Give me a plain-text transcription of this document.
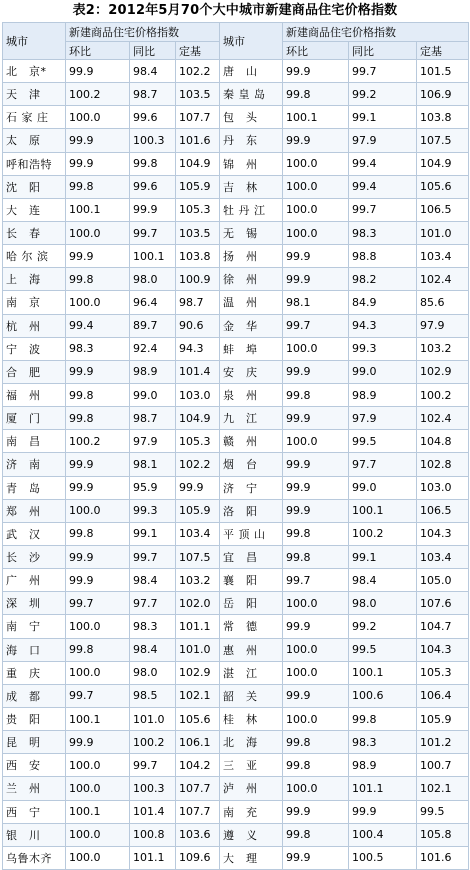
表2：2012年5月70个大中城市新建商品住宅价格指数
城市	新建商品住宅价格指数			城市	新建商品住宅价格指数		
	环比	同比	定基		环比	同比	定基
北　京*	99.9	98.4	102.2	唐　山	99.9	99.7	101.5
天　津	100.2	98.7	103.5	秦 皇 岛	99.8	99.2	106.9
石 家 庄	100.0	99.6	107.7	包　头	100.1	99.1	103.8
太　原	99.9	100.3	101.6	丹　东	99.9	97.9	107.5
呼和浩特	99.9	99.8	104.9	锦　州	100.0	99.4	104.9
沈　阳	99.8	99.6	105.9	吉　林	100.0	99.4	105.6
大　连	100.1	99.9	105.3	牡 丹 江	100.0	99.7	106.5
长　春	100.0	99.7	103.5	无　锡	100.0	98.3	101.0
哈 尔 滨	99.9	100.1	103.8	扬　州	99.9	98.8	103.4
上　海	99.8	98.0	100.9	徐　州	99.9	98.2	102.4
南　京	100.0	96.4	98.7	温　州	98.1	84.9	85.6
杭　州	99.4	89.7	90.6	金　华	99.7	94.3	97.9
宁　波	98.3	92.4	94.3	蚌　埠	100.0	99.3	103.2
合　肥	99.9	98.9	101.4	安　庆	99.9	99.0	102.9
福　州	99.8	99.0	103.0	泉　州	99.8	98.9	100.2
厦　门	99.8	98.7	104.9	九　江	99.9	97.9	102.4
南　昌	100.2	97.9	105.3	赣　州	100.0	99.5	104.8
济　南	99.9	98.1	102.2	烟　台	99.9	97.7	102.8
青　岛	99.9	95.9	99.9	济　宁	99.9	99.0	103.0
郑　州	100.0	99.3	105.9	洛　阳	99.9	100.1	106.5
武　汉	99.8	99.1	103.4	平 顶 山	99.8	100.2	104.3
长　沙	99.9	99.7	107.5	宜　昌	99.8	99.1	103.4
广　州	99.9	98.4	103.2	襄　阳	99.7	98.4	105.0
深　圳	99.7	97.7	102.0	岳　阳	100.0	98.0	107.6
南　宁	100.0	98.3	101.1	常　德	99.9	99.2	104.7
海　口	99.8	98.4	101.0	惠　州	100.0	99.5	104.3
重　庆	100.0	98.0	102.9	湛　江	100.0	100.1	105.3
成　都	99.7	98.5	102.1	韶　关	99.9	100.6	106.4
贵　阳	100.1	101.0	105.6	桂　林	100.0	99.8	105.9
昆　明	99.9	100.2	106.1	北　海	99.8	98.3	101.2
西　安	100.0	99.7	104.2	三　亚	99.8	98.9	100.7
兰　州	100.0	100.3	107.7	泸　州	100.0	101.1	102.1
西　宁	100.1	101.4	107.7	南　充	99.9	99.9	99.5
银　川	100.0	100.8	103.6	遵　义	99.8	100.4	105.8
乌鲁木齐	100.0	101.1	109.6	大　理	99.9	100.5	101.6
